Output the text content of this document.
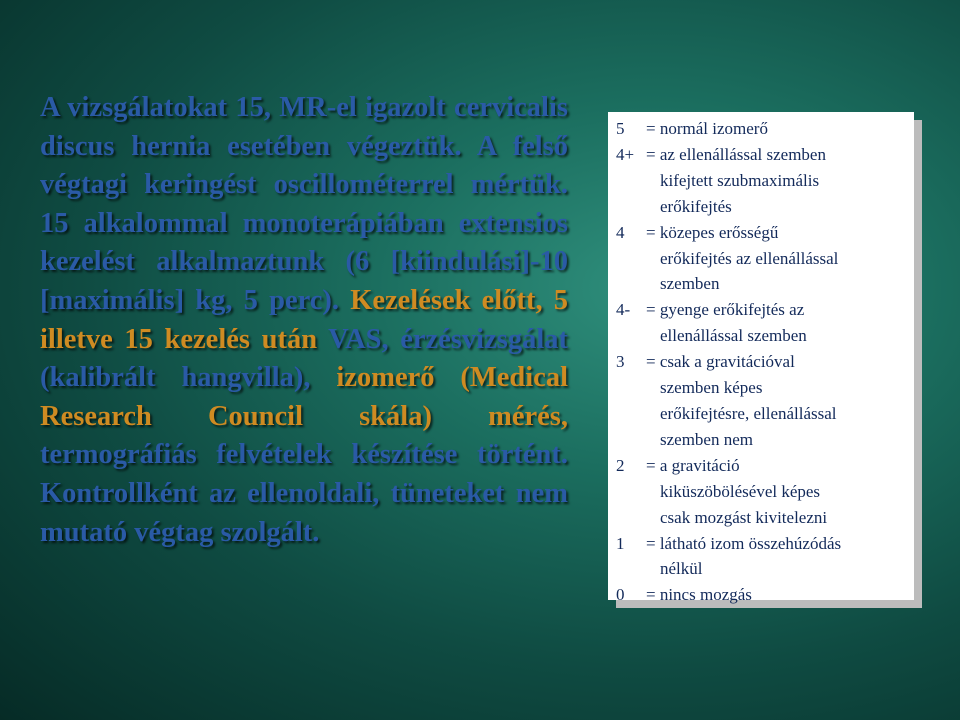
A vizsgálatokat 15, MR-el igazolt cervicalis discus hernia esetében végeztük. A felső végtagi keringést oscillométerrel mértük. 15 alkalommal monoterápiában extensios kezelést alkalmaztunk (6 [kiindulási]-10 [maximális] kg, 5 perc). Kezelések előtt, 5 illetve 15 kezelés után VAS, érzésvizsgálat (kalibrált hangvilla), izomerő (Medical Research Council skála) mérés, termográfiás felvételek készítése történt. Kontrollként az ellenoldali, tüneteket nem mutató végtag szolgált.

5	= normál izomerő
4+ = az ellenállással szemben
kifejtett szubmaximális
erőkifejtés
4	= közepes erősségű
erőkifejtés az ellenállással
szemben
4- = gyenge erőkifejtés az
ellenállással szemben
3	= csak a gravitációval
szemben képes
erőkifejtésre, ellenállással
szemben nem
2	= a gravitáció
kiküszöbölésével képes
csak mozgást kivitelezni
1	= látható izom összehúzódás
nélkül
0	= nincs mozgás
